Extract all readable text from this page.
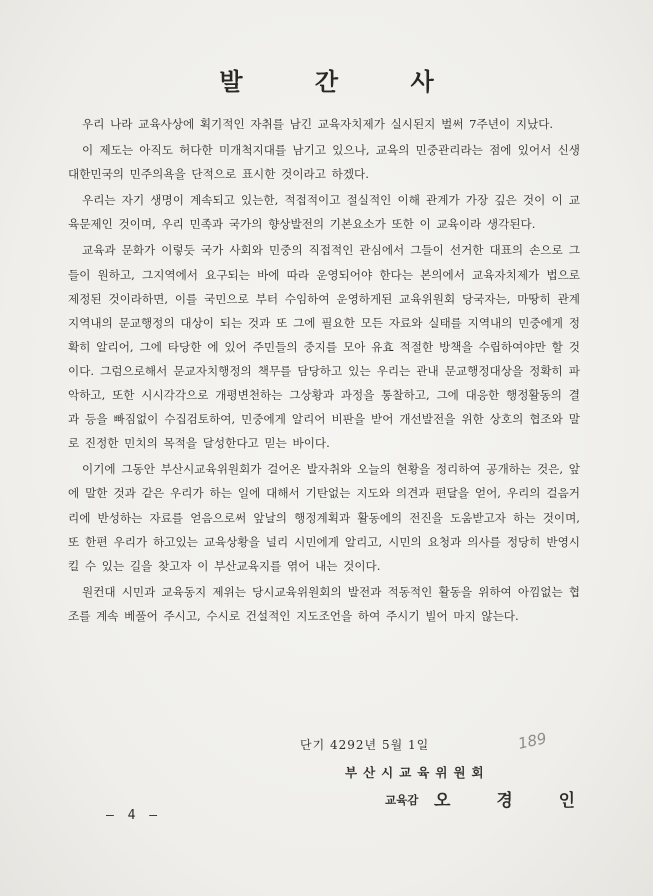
발 간 사

우리 나라 교육사상에 획기적인 자취를 남긴 교육자치제가 실시된지 벌써 7주년이 지났다.

이 제도는 아직도 허다한 미개척지대를 남기고 있으나, 교육의 민중관리라는 점에 있어서 신생 대한민국의 민주의욕을 단적으로 표시한 것이라고 하겠다.

우리는 자기 생명이 계속되고 있는한, 적접적이고 절실적인 이해 관계가 가장 깊은 것이 이 교육문제인 것이며, 우리 민족과 국가의 향상발전의 기본요소가 또한 이 교육이라 생각된다.

교육과 문화가 이렇듯 국가 사회와 민중의 직접적인 관심에서 그들이 선거한 대표의 손으로 그들이 원하고, 그지역에서 요구되는 바에 따라 운영되어야 한다는 본의에서 교육자치제가 법으로 제정된 것이라하면, 이를 국민으로 부터 수임하여 운영하게된 교육위원회 당국자는, 마땅히 관계지역내의 문교행정의 대상이 되는 것과 또 그에 필요한 모든 자료와 실태를 지역내의 민중에게 정확히 알리어, 그에 타당한 에 있어 주민들의 중지를 모아 유효 적절한 방책을 수립하여야만 할 것이다. 그럼으로해서 문교자치행정의 책무를 담당하고 있는 우리는 관내 문교행정대상을 정확히 파악하고, 또한 시시각각으로 개평변천하는 그상황과 과정을 통찰하고, 그에 대응한 행정활동의 결과 등을 빠짐없이 수집검토하여, 민중에게 알리어 비판을 받어 개선발전을 위한 상호의 협조와 말로 진정한 민치의 목적을 달성한다고 믿는 바이다.

이기에 그동안 부산시교육위원회가 걸어온 발자취와 오늘의 현황을 정리하여 공개하는 것은, 앞에 말한 것과 같은 우리가 하는 일에 대해서 기탄없는 지도와 의견과 편달을 얻어, 우리의 걸음거리에 반성하는 자료를 얻음으로써 앞날의 행정계획과 활동에의 전진을 도움받고자 하는 것이며, 또 한편 우리가 하고있는 교육상황을 널리 시민에게 알리고, 시민의 요청과 의사를 정당히 반영시킬 수 있는 길을 찾고자 이 부산교육지를 엮어 내는 것이다.

원컨대 시민과 교육동지 제위는 당시교육위원회의 발전과 적동적인 활동을 위하여 아낌없는 협조를 계속 베풀어 주시고, 수시로 건설적인 지도조언을 하여 주시기 빌어 마지 않는다.

단기 4292년 5월 1일
부산시교육위원회
교육감 오 경 인
— 4 —
189
